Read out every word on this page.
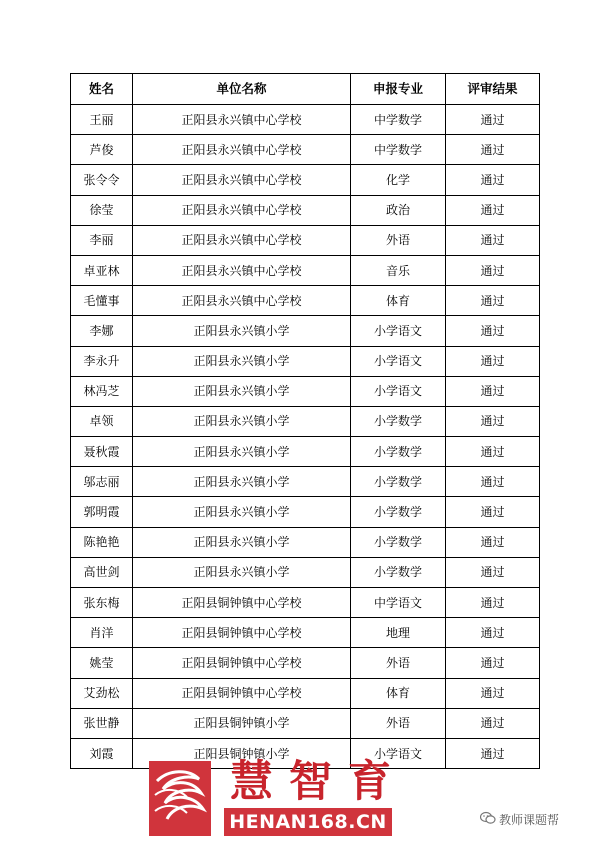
姓名	单位名称	申报专业	评审结果
王丽	正阳县永兴镇中心学校	中学数学	通过
芦俊	正阳县永兴镇中心学校	中学数学	通过
张令令	正阳县永兴镇中心学校	化学	通过
徐莹	正阳县永兴镇中心学校	政治	通过
李丽	正阳县永兴镇中心学校	外语	通过
卓亚林	正阳县永兴镇中心学校	音乐	通过
毛懂事	正阳县永兴镇中心学校	体育	通过
李娜	正阳县永兴镇小学	小学语文	通过
李永升	正阳县永兴镇小学	小学语文	通过
林冯芝	正阳县永兴镇小学	小学语文	通过
卓领	正阳县永兴镇小学	小学数学	通过
聂秋霞	正阳县永兴镇小学	小学数学	通过
邬志丽	正阳县永兴镇小学	小学数学	通过
郭明霞	正阳县永兴镇小学	小学数学	通过
陈艳艳	正阳县永兴镇小学	小学数学	通过
高世剑	正阳县永兴镇小学	小学数学	通过
张东梅	正阳县铜钟镇中心学校	中学语文	通过
肖洋	正阳县铜钟镇中心学校	地理	通过
姚莹	正阳县铜钟镇中心学校	外语	通过
艾劲松	正阳县铜钟镇中心学校	体育	通过
张世静	正阳县铜钟镇小学	外语	通过
刘霞	正阳县铜钟镇小学	小学语文	通过
慧智育
HENAN168.CN	教师课题帮
